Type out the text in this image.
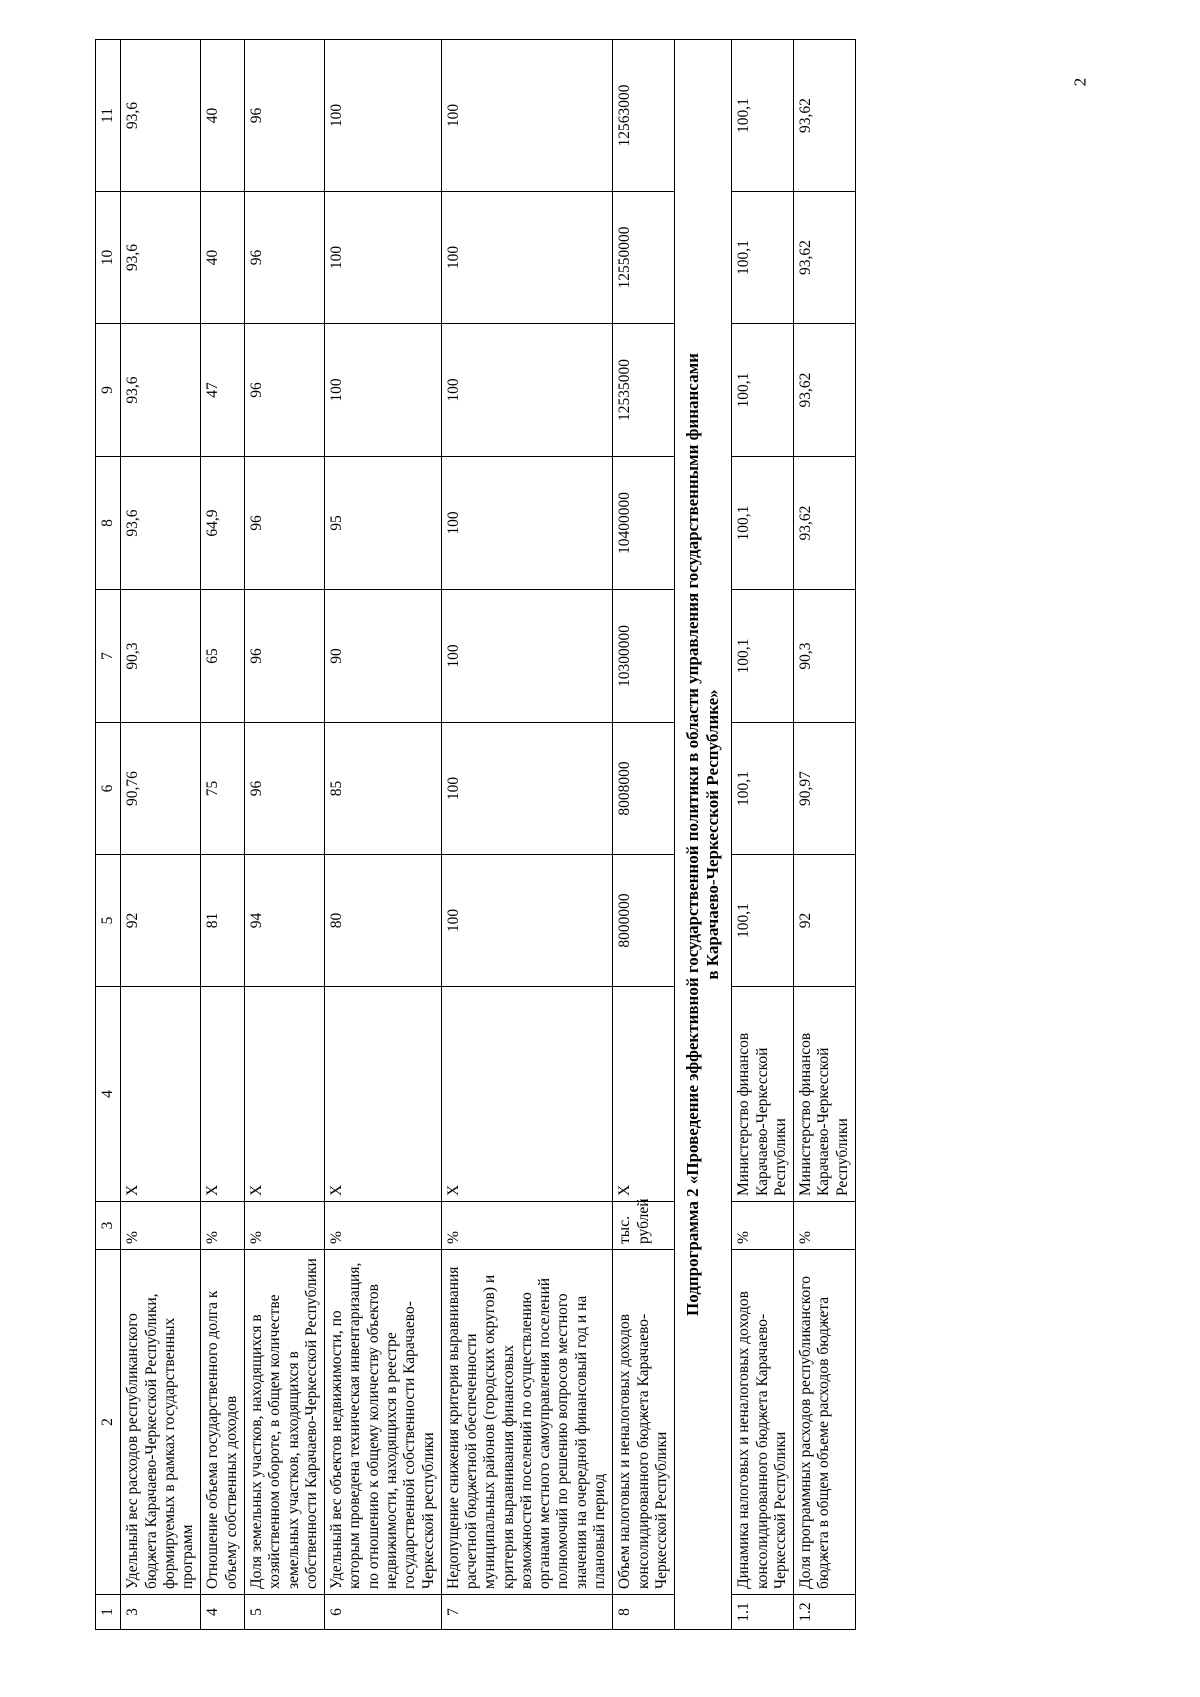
2
1	2	3	4	5	6	7	8	9	10	11
3	Удельный вес расходов республиканского бюджета Карачаево-Черкесской Республики, формируемых в рамках государственных программ	%	X	92	90,76	90,3	93,6	93,6	93,6	93,6
4	Отношение объема государственного долга к объему собственных доходов	%	X	81	75	65	64,9	47	40	40
5	Доля земельных участков, находящихся в хозяйственном обороте, в общем количестве земельных участков, находящихся в собственности Карачаево-Черкесской Республики	%	X	94	96	96	96	96	96	96
6	Удельный вес объектов недвижимости, по которым проведена техническая инвентаризация, по отношению к общему количеству объектов недвижимости, находящихся в реестре государственной собственности Карачаево-Черкесской республики	%	X	80	85	90	95	100	100	100
7	Недопущение снижения критерия выравнивания расчетной бюджетной обеспеченности муниципальных районов (городских округов) и критерия выравнивания финансовых возможностей поселений по осуществлению органами местного самоуправления поселений полномочий по решению вопросов местного значения на очередной финансовый год и на плановый период	%	X	100	100	100	100	100	100	100
8	Объем налоговых и неналоговых доходов консолидированного бюджета Карачаево-Черкесской Республики	тыс. рублей	X	8000000	8008000	10300000	10400000	12535000	12550000	12563000

Подпрограмма 2 «Проведение эффективной государственной политики в области управления государственными финансами в Карачаево-Черкесской Республике»										

1.1	Динамика налоговых и неналоговых доходов консолидированного бюджета Карачаево-Черкесской Республики	%	Министерство финансов Карачаево-Черкесской Республики	100,1	100,1	100,1	100,1	100,1	100,1	100,1
1.2	Доля программных расходов республиканского бюджета в общем объеме расходов бюджета	%	Министерство финансов Карачаево-Черкесской Республики	92	90,97	90,3	93,62	93,62	93,62	93,62
